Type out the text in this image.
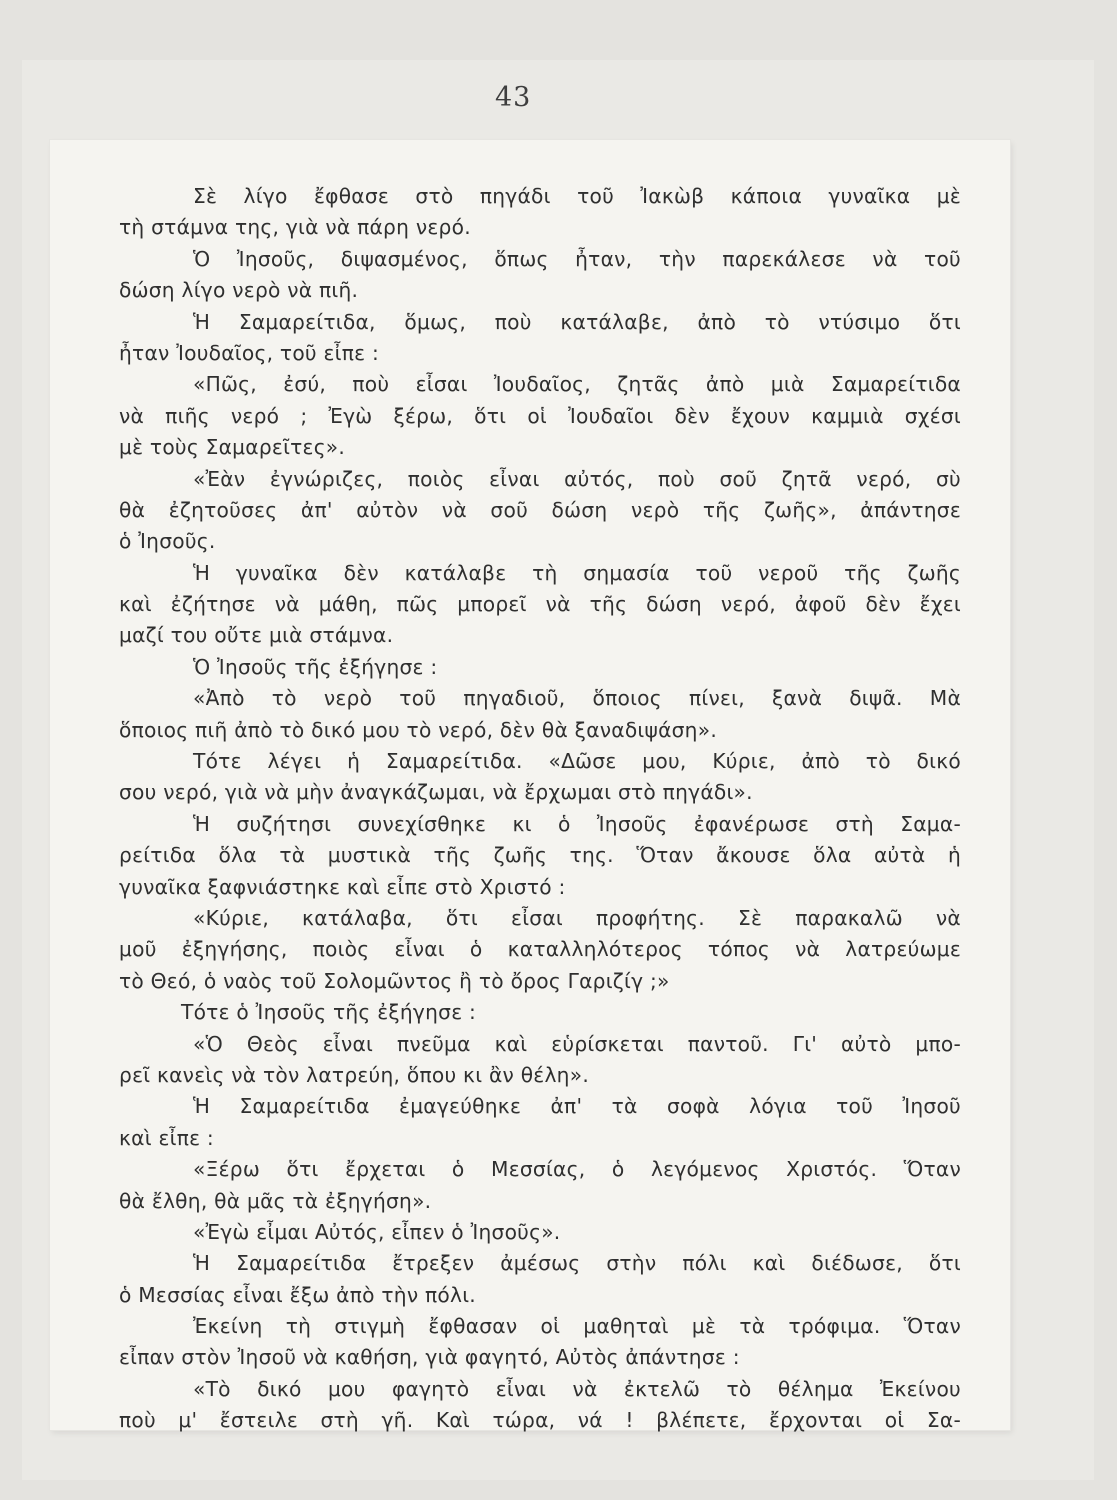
43
Σὲ λίγο ἔφθασε στὸ πηγάδι τοῦ Ἰακὼβ κάποια γυναῖκα μὲ
τὴ στάμνα της, γιὰ νὰ πάρη νερό.
Ὁ Ἰησοῦς, διψασμένος, ὅπως ἦταν, τὴν παρεκάλεσε νὰ τοῦ
δώση λίγο νερὸ νὰ πιῆ.
Ἡ Σαμαρείτιδα, ὅμως, ποὺ κατάλαβε, ἀπὸ τὸ ντύσιμο ὅτι
ἦταν Ἰουδαῖος, τοῦ εἶπε :
«Πῶς, ἐσύ, ποὺ εἶσαι Ἰουδαῖος, ζητᾶς ἀπὸ μιὰ Σαμαρείτιδα
νὰ πιῆς νερό ; Ἐγὼ ξέρω, ὅτι οἱ Ἰουδαῖοι δὲν ἔχουν καμμιὰ σχέσι
μὲ τοὺς Σαμαρεῖτες».
«Ἐὰν ἐγνώριζες, ποιὸς εἶναι αὐτός, ποὺ σοῦ ζητᾶ νερό, σὺ
θὰ ἐζητοῦσες ἀπ' αὐτὸν νὰ σοῦ δώση νερὸ τῆς ζωῆς», ἀπάντησε
ὁ Ἰησοῦς.
Ἡ γυναῖκα δὲν κατάλαβε τὴ σημασία τοῦ νεροῦ τῆς ζωῆς
καὶ ἐζήτησε νὰ μάθη, πῶς μπορεῖ νὰ τῆς δώση νερό, ἀφοῦ δὲν ἔχει
μαζί του οὔτε μιὰ στάμνα.
Ὁ Ἰησοῦς τῆς ἐξήγησε :
«Ἀπὸ τὸ νερὸ τοῦ πηγαδιοῦ, ὅποιος πίνει, ξανὰ διψᾶ. Μὰ
ὅποιος πιῆ ἀπὸ τὸ δικό μου τὸ νερό, δὲν θὰ ξαναδιψάση».
Τότε λέγει ἡ Σαμαρείτιδα. «Δῶσε μου, Κύριε, ἀπὸ τὸ δικό
σου νερό, γιὰ νὰ μὴν ἀναγκάζωμαι, νὰ ἔρχωμαι στὸ πηγάδι».
Ἡ συζήτησι συνεχίσθηκε κι ὁ Ἰησοῦς ἐφανέρωσε στὴ Σαμα-
ρείτιδα ὅλα τὰ μυστικὰ τῆς ζωῆς της. Ὅταν ἄκουσε ὅλα αὐτὰ ἡ
γυναῖκα ξαφνιάστηκε καὶ εἶπε στὸ Χριστό :
«Κύριε, κατάλαβα, ὅτι εἶσαι προφήτης. Σὲ παρακαλῶ νὰ
μοῦ ἐξηγήσης, ποιὸς εἶναι ὁ καταλληλότερος τόπος νὰ λατρεύωμε
τὸ Θεό, ὁ ναὸς τοῦ Σολομῶντος ἢ τὸ ὄρος Γαριζίγ ;»
Τότε ὁ Ἰησοῦς τῆς ἐξήγησε :
«Ὁ Θεὸς εἶναι πνεῦμα καὶ εὑρίσκεται παντοῦ. Γι' αὐτὸ μπο-
ρεῖ κανεὶς νὰ τὸν λατρεύη, ὅπου κι ἂν θέλη».
Ἡ Σαμαρείτιδα ἐμαγεύθηκε ἀπ' τὰ σοφὰ λόγια τοῦ Ἰησοῦ
καὶ εἶπε :
«Ξέρω ὅτι ἔρχεται ὁ Μεσσίας, ὁ λεγόμενος Χριστός. Ὅταν
θὰ ἔλθη, θὰ μᾶς τὰ ἐξηγήση».
«Ἐγὼ εἶμαι Αὐτός, εἶπεν ὁ Ἰησοῦς».
Ἡ Σαμαρείτιδα ἔτρεξεν ἀμέσως στὴν πόλι καὶ διέδωσε, ὅτι
ὁ Μεσσίας εἶναι ἔξω ἀπὸ τὴν πόλι.
Ἐκείνη τὴ στιγμὴ ἔφθασαν οἱ μαθηταὶ μὲ τὰ τρόφιμα. Ὅταν
εἶπαν στὸν Ἰησοῦ νὰ καθήση, γιὰ φαγητό, Αὐτὸς ἀπάντησε :
«Τὸ δικό μου φαγητὸ εἶναι νὰ ἐκτελῶ τὸ θέλημα Ἐκείνου
ποὺ μ' ἔστειλε στὴ γῆ. Καὶ τώρα, νά ! βλέπετε, ἔρχονται οἱ Σα-
